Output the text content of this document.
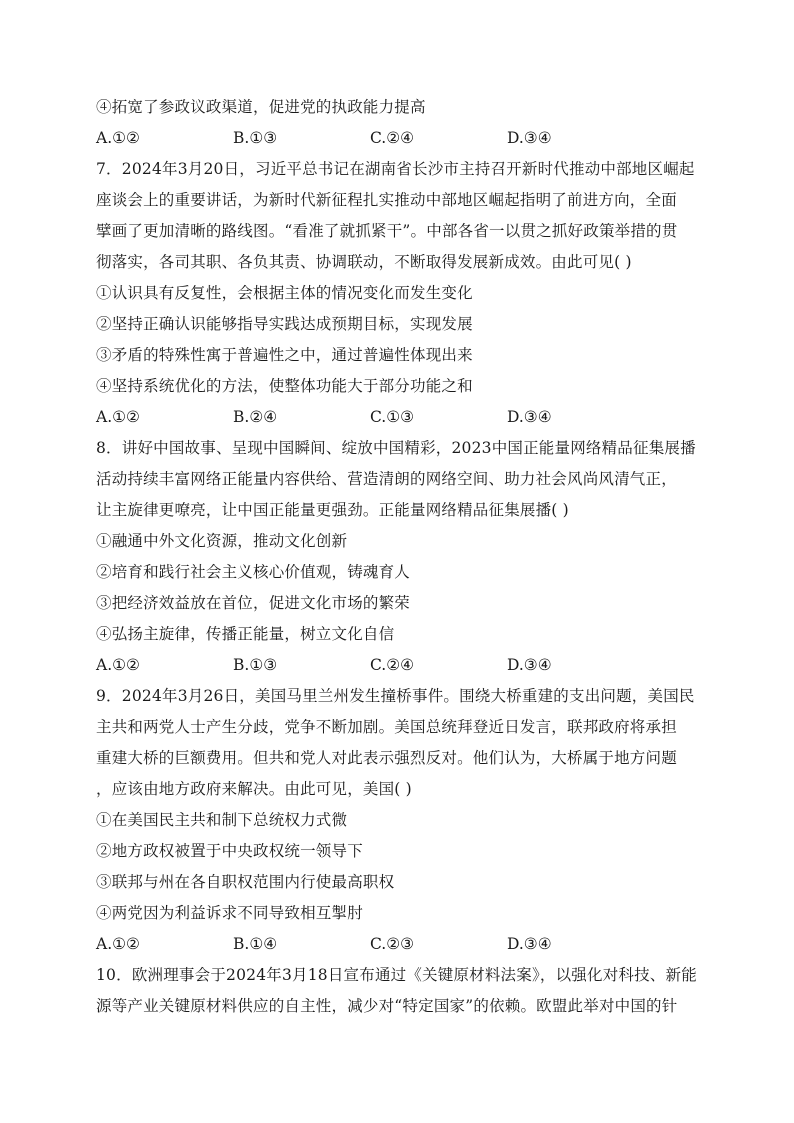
④拓宽了参政议政渠道，促进党的执政能力提高
A.①②	B.①③	C.②④	D.③④
7．2024年3月20日，习近平总书记在湖南省长沙市主持召开新时代推动中部地区崛起
座谈会上的重要讲话，为新时代新征程扎实推动中部地区崛起指明了前进方向，全面
擘画了更加清晰的路线图。“看准了就抓紧干”。中部各省一以贯之抓好政策举措的贯
彻落实，各司其职、各负其责、协调联动，不断取得发展新成效。由此可见( )
①认识具有反复性，会根据主体的情况变化而发生变化
②坚持正确认识能够指导实践达成预期目标，实现发展
③矛盾的特殊性寓于普遍性之中，通过普遍性体现出来
④坚持系统优化的方法，使整体功能大于部分功能之和
A.①②	B.②④	C.①③	D.③④
8．讲好中国故事、呈现中国瞬间、绽放中国精彩，2023中国正能量网络精品征集展播
活动持续丰富网络正能量内容供给、营造清朗的网络空间、助力社会风尚风清气正，
让主旋律更嘹亮，让中国正能量更强劲。正能量网络精品征集展播( )
①融通中外文化资源，推动文化创新
②培育和践行社会主义核心价值观，铸魂育人
③把经济效益放在首位，促进文化市场的繁荣
④弘扬主旋律，传播正能量，树立文化自信
A.①②	B.①③	C.②④	D.③④
9．2024年3月26日，美国马里兰州发生撞桥事件。围绕大桥重建的支出问题，美国民
主共和两党人士产生分歧，党争不断加剧。美国总统拜登近日发言，联邦政府将承担
重建大桥的巨额费用。但共和党人对此表示强烈反对。他们认为，大桥属于地方问题
，应该由地方政府来解决。由此可见，美国( )
①在美国民主共和制下总统权力式微
②地方政权被置于中央政权统一领导下
③联邦与州在各自职权范围内行使最高职权
④两党因为利益诉求不同导致相互掣肘
A.①②	B.①④	C.②③	D.③④
10．欧洲理事会于2024年3月18日宣布通过《关键原材料法案》，以强化对科技、新能
源等产业关键原材料供应的自主性，减少对“特定国家”的依赖。欧盟此举对中国的针
